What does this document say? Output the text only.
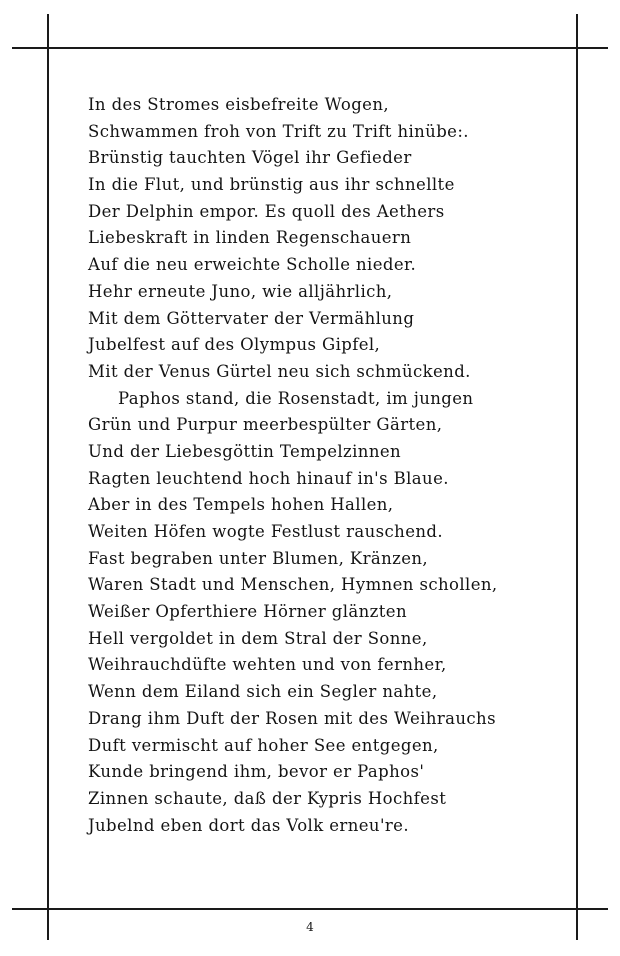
In des Stromes eisbefreite Wogen,
Schwammen froh von Trift zu Trift hinübe:.
Brünstig tauchten Vögel ihr Gefieder
In die Flut, und brünstig aus ihr schnellte
Der Delphin empor. Es quoll des Aethers
Liebeskraft in linden Regenschauern
Auf die neu erweichte Scholle nieder.
Hehr erneute Juno, wie alljährlich,
Mit dem Göttervater der Vermählung
Jubelfest auf des Olympus Gipfel,
Mit der Venus Gürtel neu sich schmückend.
Paphos stand, die Rosenstadt, im jungen
Grün und Purpur meerbespülter Gärten,
Und der Liebesgöttin Tempelzinnen
Ragten leuchtend hoch hinauf in's Blaue.
Aber in des Tempels hohen Hallen,
Weiten Höfen wogte Festlust rauschend.
Fast begraben unter Blumen, Kränzen,
Waren Stadt und Menschen, Hymnen schollen,
Weißer Opferthiere Hörner glänzten
Hell vergoldet in dem Stral der Sonne,
Weihrauchdüfte wehten und von fernher,
Wenn dem Eiland sich ein Segler nahte,
Drang ihm Duft der Rosen mit des Weihrauchs
Duft vermischt auf hoher See entgegen,
Kunde bringend ihm, bevor er Paphos'
Zinnen schaute, daß der Kypris Hochfest
Jubelnd eben dort das Volk erneu're.
4
